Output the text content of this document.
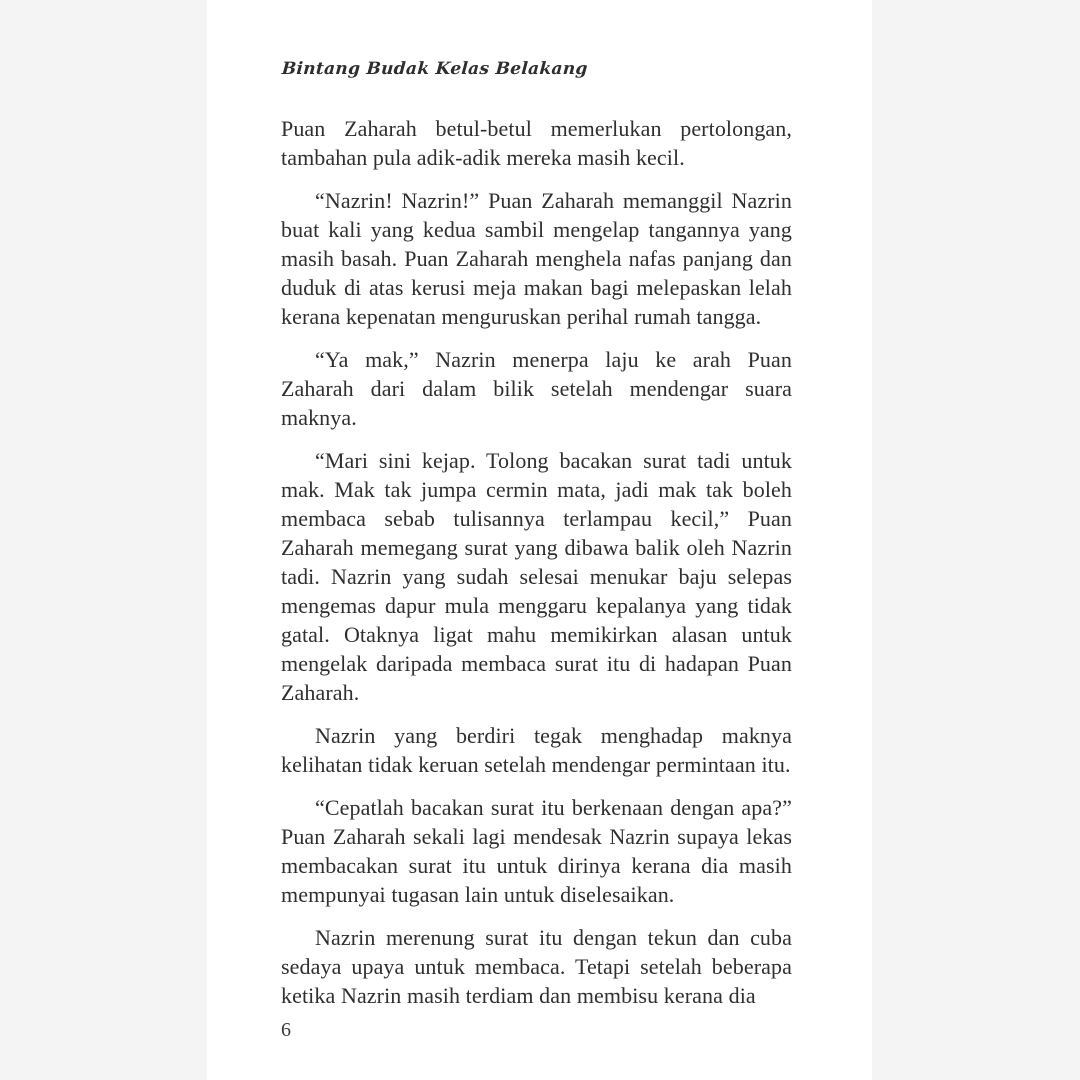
Bintang Budak Kelas Belakang

Puan Zaharah betul-betul memerlukan pertolongan, tambahan pula adik-adik mereka masih kecil.

“Nazrin! Nazrin!” Puan Zaharah memanggil Nazrin buat kali yang kedua sambil mengelap tangannya yang masih basah. Puan Zaharah menghela nafas panjang dan duduk di atas kerusi meja makan bagi melepaskan lelah kerana kepenatan menguruskan perihal rumah tangga.

“Ya mak,” Nazrin menerpa laju ke arah Puan Zaharah dari dalam bilik setelah mendengar suara maknya.

“Mari sini kejap. Tolong bacakan surat tadi untuk mak. Mak tak jumpa cermin mata, jadi mak tak boleh membaca sebab tulisannya terlampau kecil,” Puan Zaharah memegang surat yang dibawa balik oleh Nazrin tadi. Nazrin yang sudah selesai menukar baju selepas mengemas dapur mula menggaru kepalanya yang tidak gatal. Otaknya ligat mahu memikirkan alasan untuk mengelak daripada membaca surat itu di hadapan Puan Zaharah.

Nazrin yang berdiri tegak menghadap maknya kelihatan tidak keruan setelah mendengar permintaan itu.

“Cepatlah bacakan surat itu berkenaan dengan apa?” Puan Zaharah sekali lagi mendesak Nazrin supaya lekas membacakan surat itu untuk dirinya kerana dia masih mempunyai tugasan lain untuk diselesaikan.

Nazrin merenung surat itu dengan tekun dan cuba sedaya upaya untuk membaca. Tetapi setelah beberapa ketika Nazrin masih terdiam dan membisu kerana dia

6
